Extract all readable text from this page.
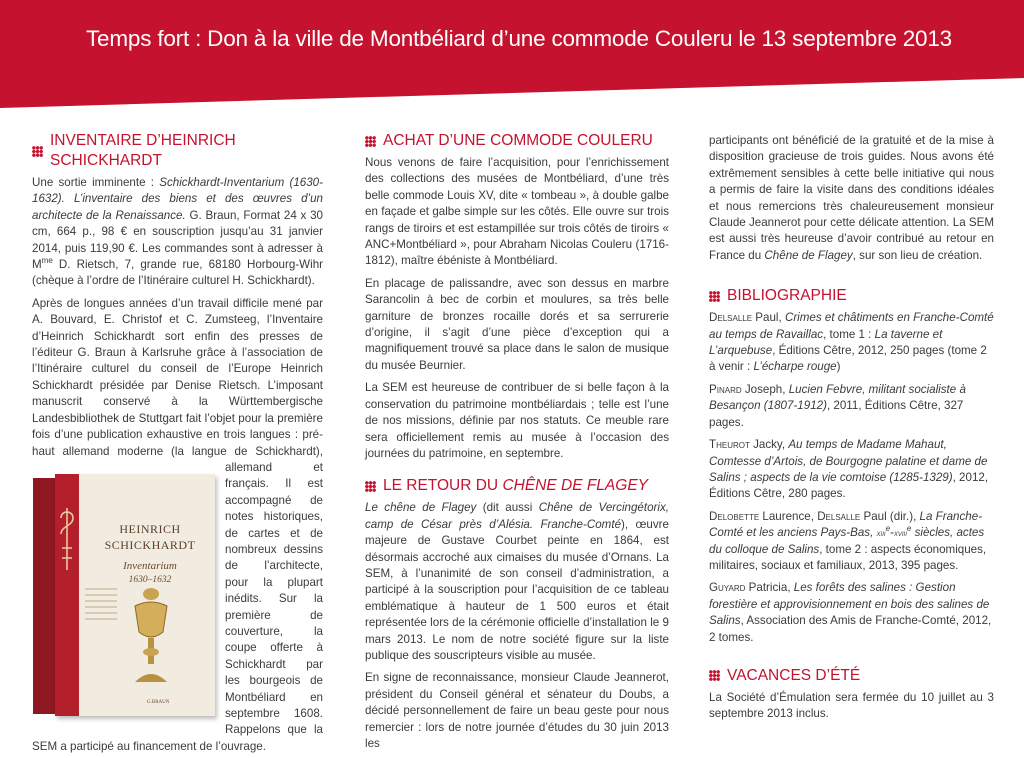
Temps fort : Don à la ville de Montbéliard d’une commode Couleru le 13 septembre 2013
INVENTAIRE D’HEINRICH SCHICKHARDT

Une sortie imminente : Schickhardt-Inventarium (1630-1632). L’inventaire des biens et des œuvres d’un architecte de la Renaissance. G. Braun, Format 24 x 30 cm, 664 p., 98 € en souscription jusqu’au 31 janvier 2014, puis 119,90 €. Les commandes sont à adresser à $M^{me}$ D. Rietsch, 7, grande rue, 68180 Horbourg-Wihr (chèque à l’ordre de l’Itinéraire culturel H. Schickhardt).

Après de longues années d’un travail difficile mené par A. Bouvard, E. Christof et C. Zumsteeg, l’Inventaire d’Heinrich Schickhardt sort enfin des presses de l’éditeur G. Braun à Karlsruhe grâce à l’association de l’Itinéraire culturel du conseil de l’Europe Heinrich Schickhardt présidée par Denise Rietsch. L’imposant manuscrit conservé à la Württembergische Landesbibliothek de Stuttgart fait l’objet pour la première fois d’une publication exhaustive en trois langues : pré-haut allemand moderne (la langue de Schickhardt), allemand et français. Il est accompagné de notes historiques, de cartes et de nombreux dessins de l’architecte, pour la plupart inédits. Sur la première de couverture, la coupe offerte à Schickhardt par les bourgeois de Montbéliard en septembre 1608. Rappelons que la SEM a participé au financement de l’ouvrage.

HEINRICH
SCHICKHARDT
Inventarium
1630–1632
G.BRAUN
ACHAT D’UNE COMMODE COULERU

Nous venons de faire l’acquisition, pour l’enrichissement des collections des musées de Montbéliard, d’une très belle commode Louis XV, dite « tombeau », à double galbe en façade et galbe simple sur les côtés. Elle ouvre sur trois rangs de tiroirs et est estampillée sur trois côtés de tiroirs « ANC+Montbéliard », pour Abraham Nicolas Couleru (1716-1812), maître ébéniste à Montbéliard.

En placage de palissandre, avec son dessus en marbre Sarancolin à bec de corbin et moulures, sa très belle garniture de bronzes rocaille dorés et sa serrurerie d’origine, il s’agit d’une pièce d’exception qui a magnifiquement trouvé sa place dans le salon de musique du musée Beurnier.

La SEM est heureuse de contribuer de si belle façon à la conservation du patrimoine montbéliardais ; telle est l’une de nos missions, définie par nos statuts. Ce meuble rare sera officiellement remis au musée à l’occasion des journées du patrimoine, en septembre.

LE RETOUR DU CHÊNE DE FLAGEY

Le chêne de Flagey (dit aussi Chêne de Vercingétorix, camp de César près d’Alésia. Franche-Comté), œuvre majeure de Gustave Courbet peinte en 1864, est désormais accroché aux cimaises du musée d’Ornans. La SEM, à l’unanimité de son conseil d’administration, a participé à la souscription pour l’acquisition de ce tableau emblématique à hauteur de 1 500 euros et était représentée lors de la cérémonie officielle d’installation le 9 mars 2013. Le nom de notre société figure sur la liste publique des souscripteurs visible au musée.

En signe de reconnaissance, monsieur Claude Jeannerot, président du Conseil général et sénateur du Doubs, a décidé personnellement de faire un beau geste pour nous remercier : lors de notre journée d’études du 30 juin 2013 les

participants ont bénéficié de la gratuité et de la mise à disposition gracieuse de trois guides. Nous avons été extrêmement sensibles à cette belle initiative qui nous a permis de faire la visite dans des conditions idéales et nous remercions très chaleureusement monsieur Claude Jeannerot pour cette délicate attention. La SEM est aussi très heureuse d’avoir contribué au retour en France du Chêne de Flagey, sur son lieu de création.

BIBLIOGRAPHIE

Delsalle Paul, Crimes et châtiments en Franche-Comté au temps de Ravaillac, tome 1 : La taverne et L’arquebuse, Éditions Cêtre, 2012, 250 pages (tome 2 à venir : L’écharpe rouge)

Pinard Joseph, Lucien Febvre, militant socialiste à Besançon (1807-1912), 2011, Éditions Cêtre, 327 pages.

Theurot Jacky, Au temps de Madame Mahaut, Comtesse d’Artois, de Bourgogne palatine et dame de Salins ; aspects de la vie comtoise (1285-1329), 2012, Éditions Cêtre, 280 pages.

Delobette Laurence, Delsalle Paul (dir.), La Franche-Comté et les anciens Pays-Bas, xiii$^e$-xviii$^e$ siècles, actes du colloque de Salins, tome 2 : aspects économiques, militaires, sociaux et familiaux, 2013, 395 pages.

Guyard Patricia, Les forêts des salines : Gestion forestière et approvisionnement en bois des salines de Salins, Association des Amis de Franche-Comté, 2012, 2 tomes.

VACANCES D’ÉTÉ

La Société d’Émulation sera fermée du 10 juillet au 3 septembre 2013 inclus.
